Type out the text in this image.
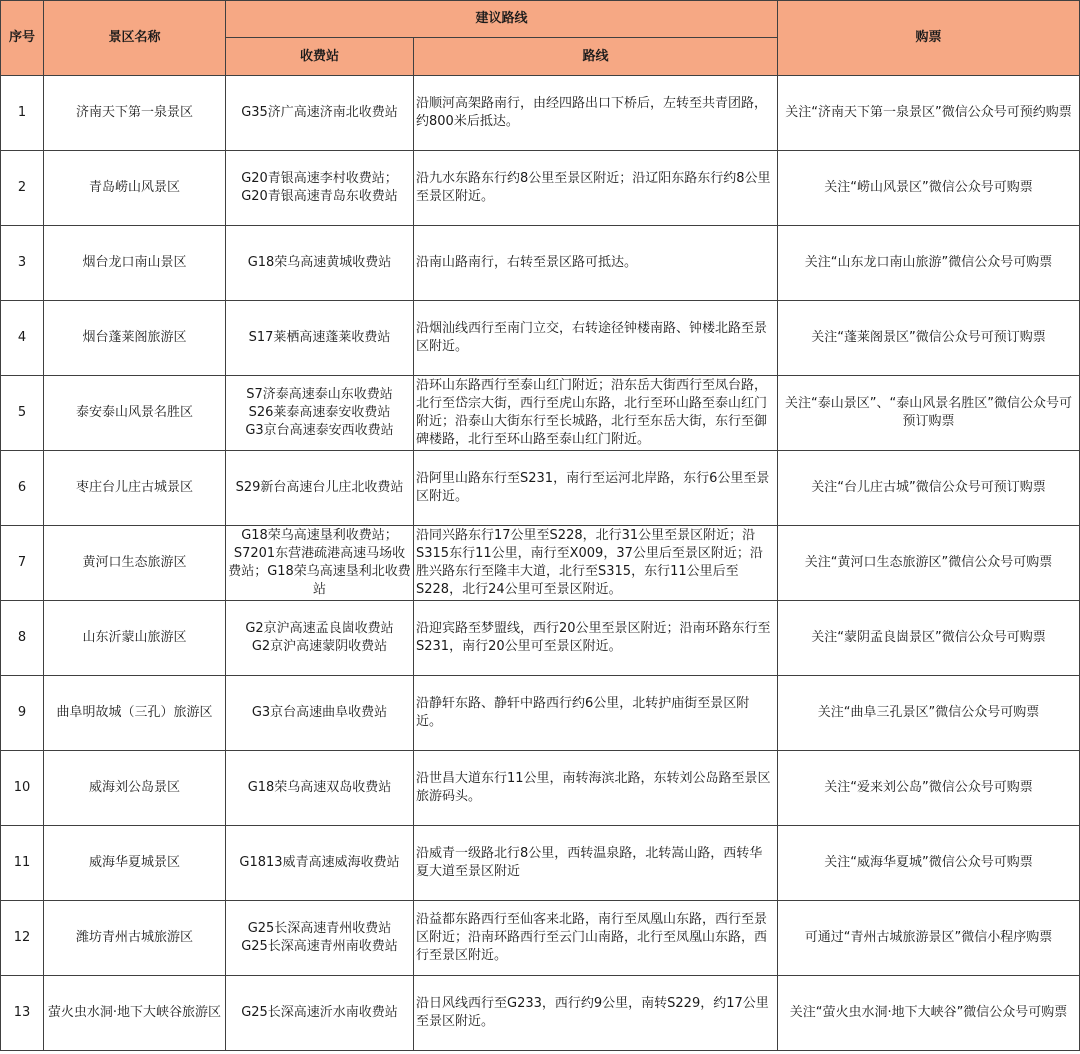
序号	景区名称	建议路线		购票
		收费站	路线	
1	济南天下第一泉景区	G35济广高速济南北收费站	沿顺河高架路南行，由经四路出口下桥后，左转至共青团路，约800米后抵达。	关注“济南天下第一泉景区”微信公众号可预约购票
2	青岛崂山风景区	G20青银高速李村收费站；
G20青银高速青岛东收费站	沿九水东路东行约8公里至景区附近；沿辽阳东路东行约8公里至景区附近。	关注“崂山风景区”微信公众号可购票
3	烟台龙口南山景区	G18荣乌高速黄城收费站	沿南山路南行，右转至景区路可抵达。	关注“山东龙口南山旅游”微信公众号可购票
4	烟台蓬莱阁旅游区	S17莱栖高速蓬莱收费站	沿烟汕线西行至南门立交，右转途径钟楼南路、钟楼北路至景区附近。	关注“蓬莱阁景区”微信公众号可预订购票
5	泰安泰山风景名胜区	S7济泰高速泰山东收费站
S26莱泰高速泰安收费站
G3京台高速泰安西收费站	沿环山东路西行至泰山红门附近；沿东岳大街西行至凤台路，北行至岱宗大街，西行至虎山东路，北行至环山路至泰山红门附近；沿泰山大街东行至长城路，北行至东岳大街，东行至御碑楼路，北行至环山路至泰山红门附近。	关注“泰山景区”、“泰山风景名胜区”微信公众号可预订购票
6	枣庄台儿庄古城景区	S29新台高速台儿庄北收费站	沿阿里山路东行至S231，南行至运河北岸路，东行6公里至景区附近。	关注“台儿庄古城”微信公众号可预订购票
7	黄河口生态旅游区	G18荣乌高速垦利收费站；
S7201东营港疏港高速马场收费站；G18荣乌高速垦利北收费站	沿同兴路东行17公里至S228，北行31公里至景区附近；沿S315东行11公里，南行至X009，37公里后至景区附近；沿胜兴路东行至隆丰大道，北行至S315，东行11公里后至S228，北行24公里可至景区附近。	关注“黄河口生态旅游区”微信公众号可购票
8	山东沂蒙山旅游区	G2京沪高速孟良崮收费站
G2京沪高速蒙阴收费站	沿迎宾路至梦盟线，西行20公里至景区附近；沿南环路东行至S231，南行20公里可至景区附近。	关注“蒙阴孟良崮景区”微信公众号可购票
9	曲阜明故城（三孔）旅游区	G3京台高速曲阜收费站	沿静轩东路、静轩中路西行约6公里，北转护庙街至景区附近。	关注“曲阜三孔景区”微信公众号可购票
10	威海刘公岛景区	G18荣乌高速双岛收费站	沿世昌大道东行11公里，南转海滨北路，东转刘公岛路至景区旅游码头。	关注“爱来刘公岛”微信公众号可购票
11	威海华夏城景区	G1813威青高速威海收费站	沿威青一级路北行8公里，西转温泉路，北转嵩山路，西转华夏大道至景区附近	关注“威海华夏城”微信公众号可购票
12	潍坊青州古城旅游区	G25长深高速青州收费站
G25长深高速青州南收费站	沿益都东路西行至仙客来北路，南行至凤凰山东路，西行至景区附近；沿南环路西行至云门山南路，北行至凤凰山东路，西行至景区附近。	可通过“青州古城旅游景区”微信小程序购票
13	萤火虫水洞·地下大峡谷旅游区	G25长深高速沂水南收费站	沿日风线西行至G233，西行约9公里，南转S229，约17公里至景区附近。	关注“萤火虫水洞·地下大峡谷”微信公众号可购票
